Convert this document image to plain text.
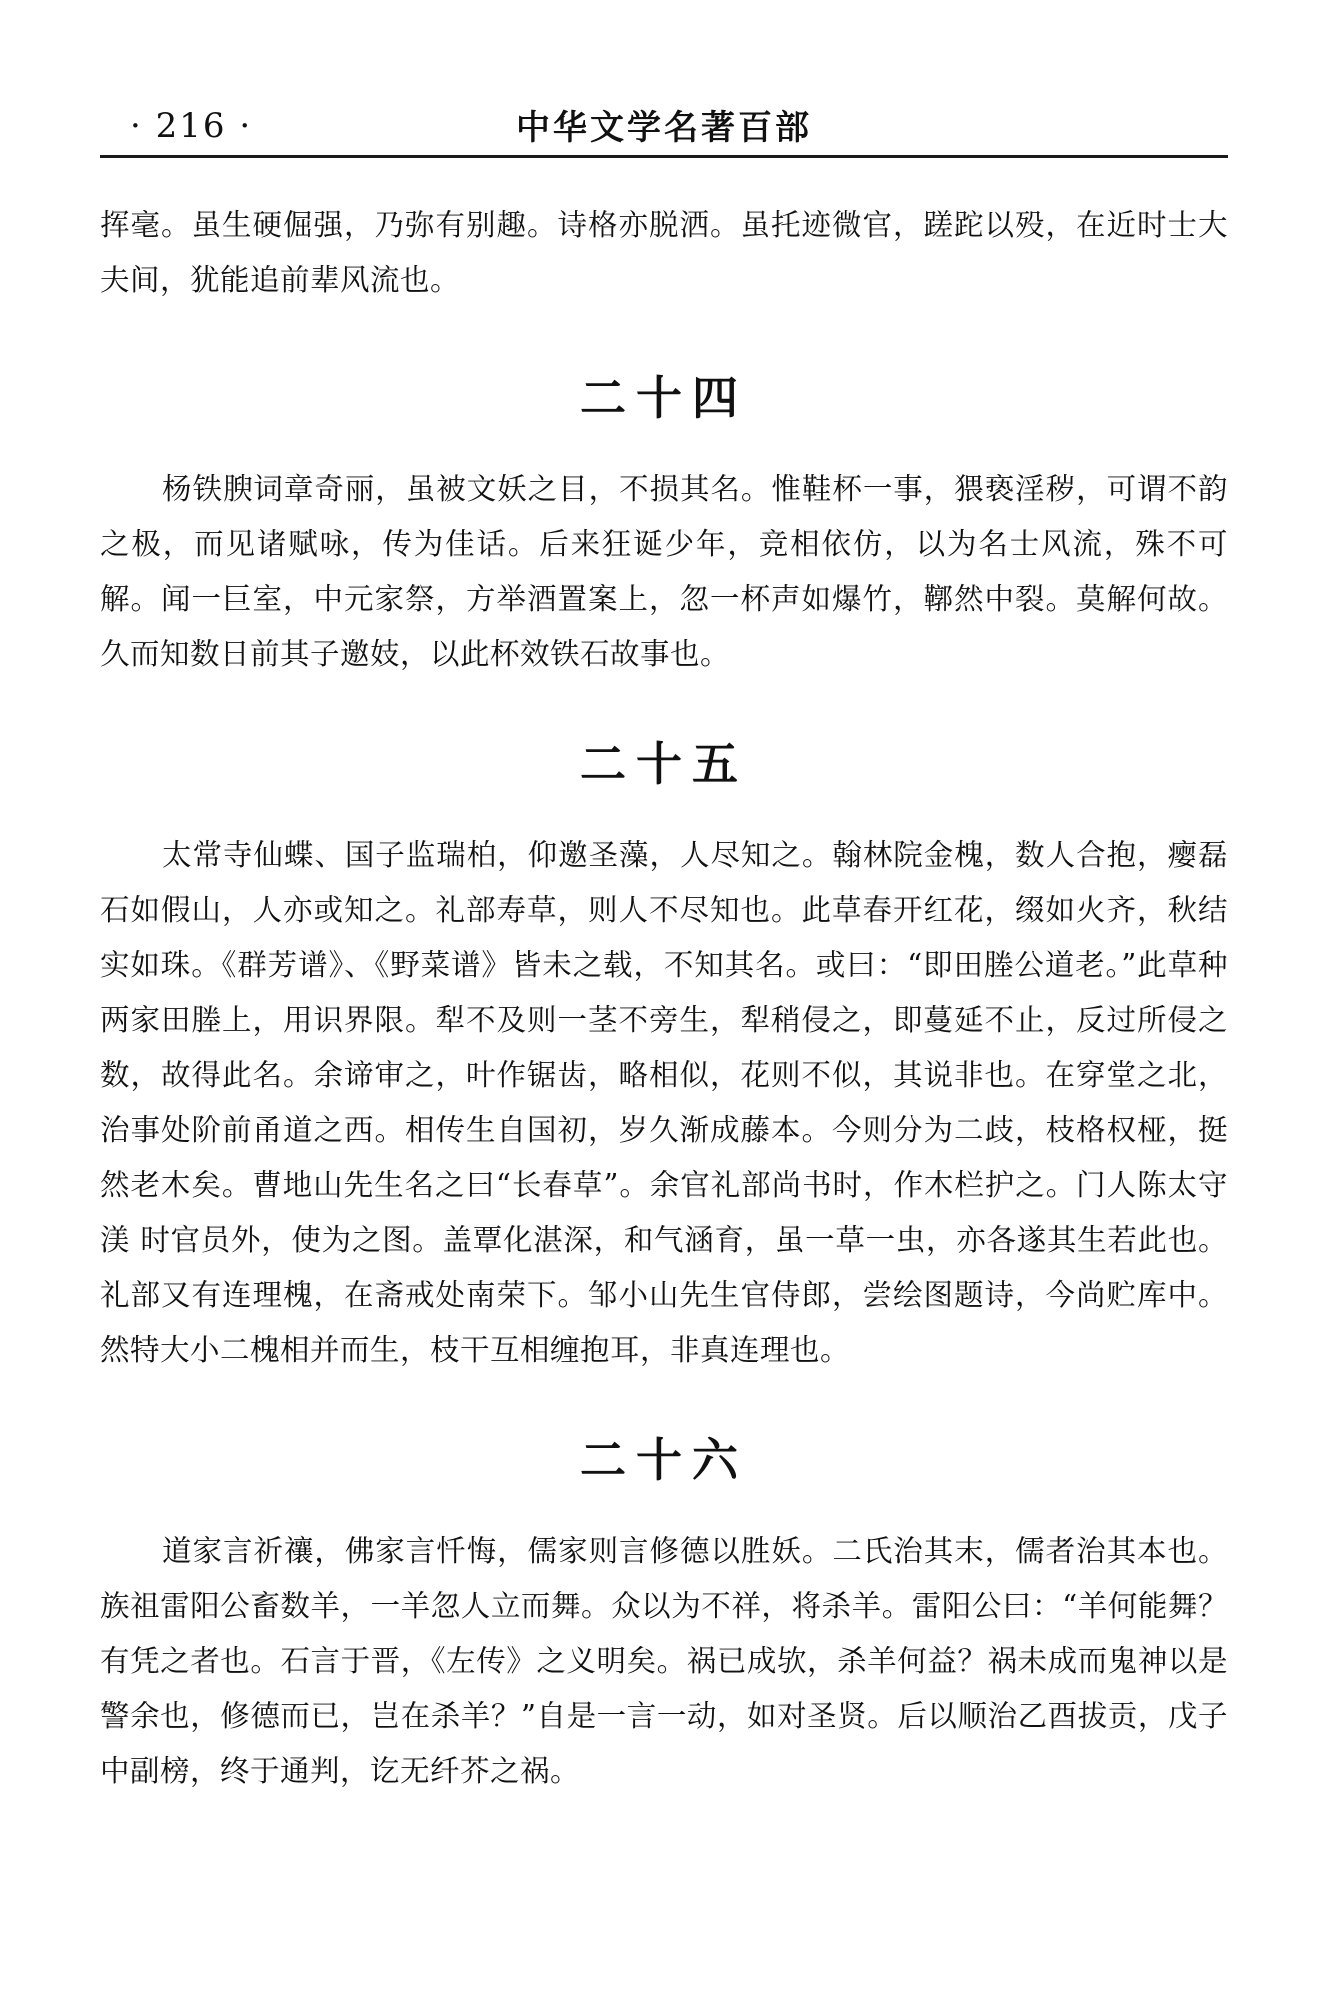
· 216 ·	中华文学名著百部

挥毫。虽生硬倔强，乃弥有别趣。诗格亦脱洒。虽托迹微官，蹉跎以殁，在近时士大夫间，犹能追前辈风流也。

二十四

杨铁腴词章奇丽，虽被文妖之目，不损其名。惟鞋杯一事，猥亵淫秽，可谓不韵之极，而见诸赋咏，传为佳话。后来狂诞少年，竞相依仿，以为名士风流，殊不可解。闻一巨室，中元家祭，方举酒置案上，忽一杯声如爆竹，鞹然中裂。莫解何故。久而知数日前其子邀妓，以此杯效铁石故事也。

二十五

太常寺仙蝶、国子监瑞柏，仰邀圣藻，人尽知之。翰林院金槐，数人合抱，瘿磊石如假山，人亦或知之。礼部寿草，则人不尽知也。此草春开红花，缀如火齐，秋结实如珠。《群芳谱》、《野菜谱》皆未之载，不知其名。或曰：“即田塍公道老。”此草种两家田塍上，用识界限。犁不及则一茎不旁生，犁稍侵之，即蔓延不止，反过所侵之数，故得此名。余谛审之，叶作锯齿，略相似，花则不似，其说非也。在穿堂之北，治事处阶前甬道之西。相传生自国初，岁久渐成藤本。今则分为二歧，枝格权桠，挺然老木矣。曹地山先生名之曰“长春草”。余官礼部尚书时，作木栏护之。门人陈太守渼 时官员外，使为之图。盖覃化湛深，和气涵育，虽一草一虫，亦各遂其生若此也。礼部又有连理槐，在斋戒处南荣下。邹小山先生官侍郎，尝绘图题诗，今尚贮库中。然特大小二槐相并而生，枝干互相缠抱耳，非真连理也。

二十六

道家言祈禳，佛家言忏悔，儒家则言修德以胜妖。二氏治其末，儒者治其本也。族祖雷阳公畜数羊，一羊忽人立而舞。众以为不祥，将杀羊。雷阳公曰：“羊何能舞？有凭之者也。石言于晋，《左传》之义明矣。祸已成欤，杀羊何益？祸未成而鬼神以是警余也，修德而已，岂在杀羊？”自是一言一动，如对圣贤。后以顺治乙酉拔贡，戊子中副榜，终于通判，讫无纤芥之祸。
